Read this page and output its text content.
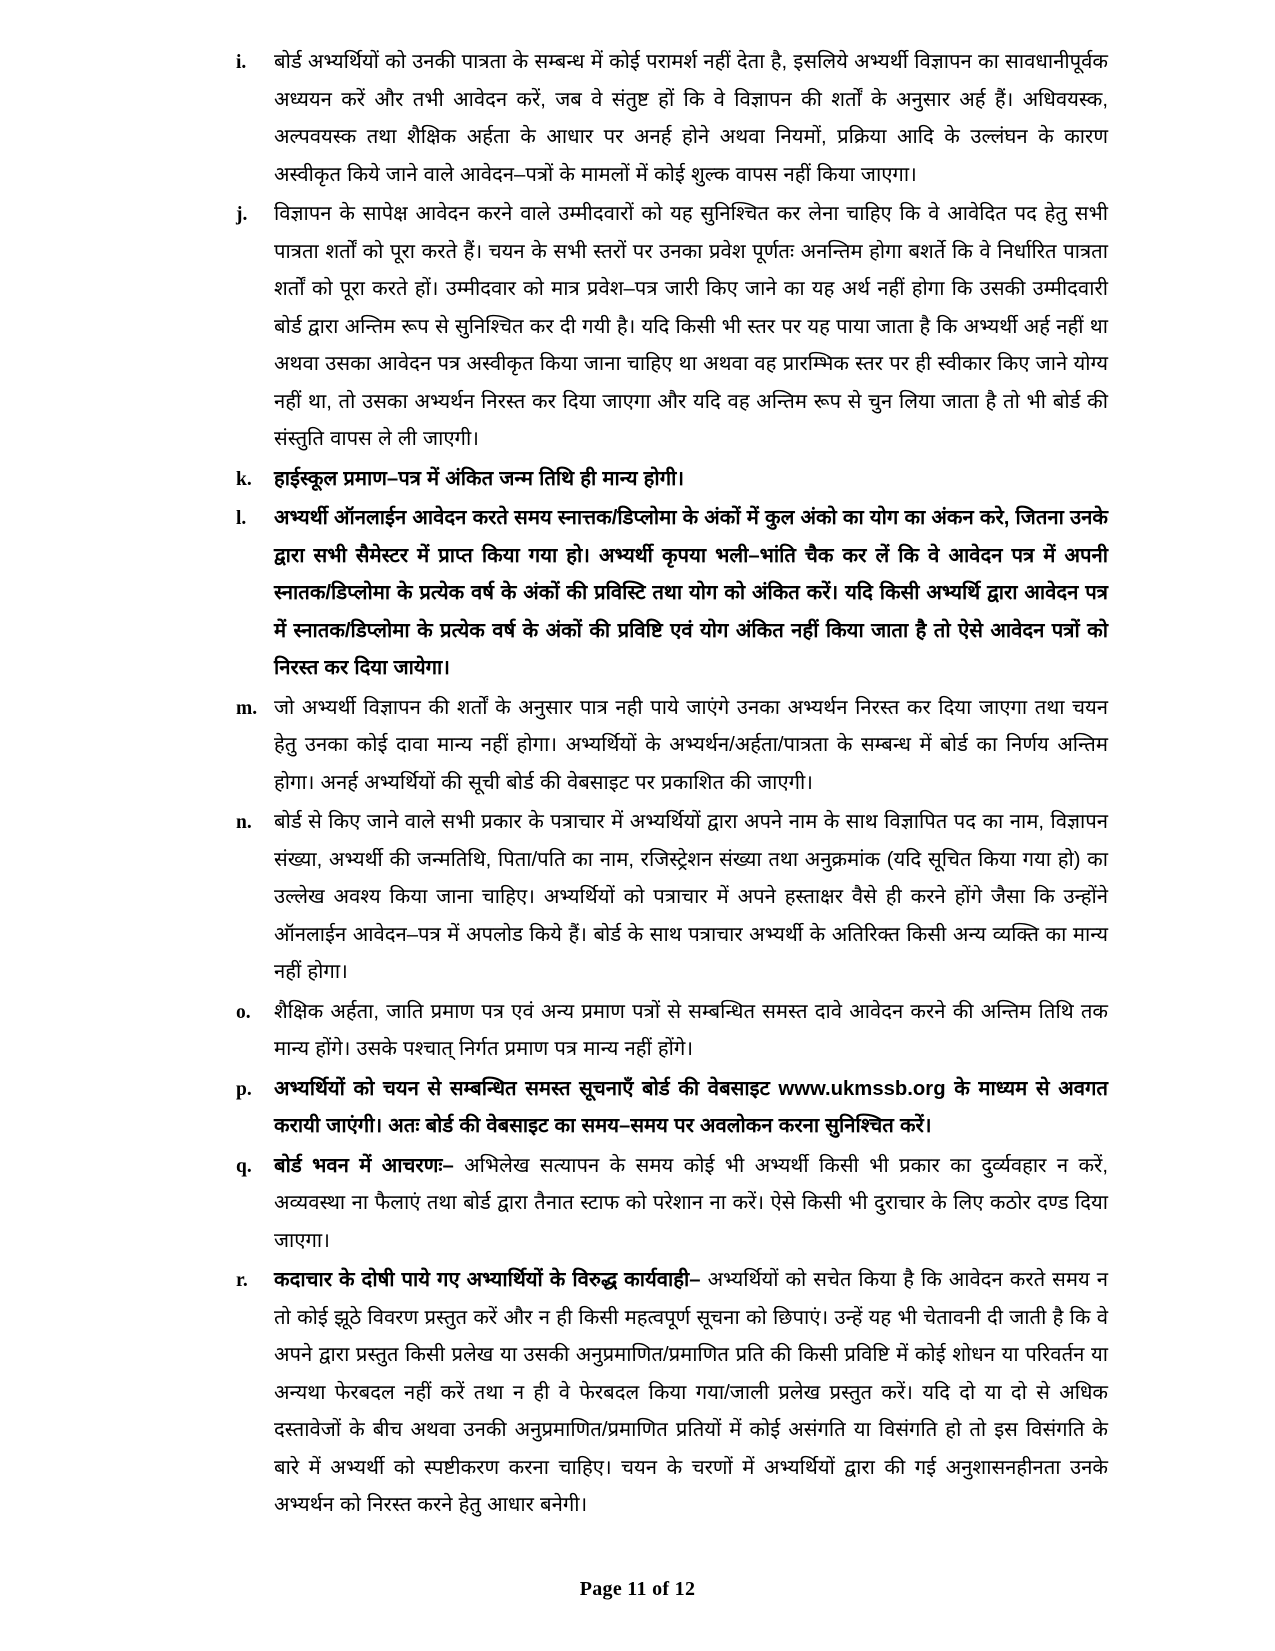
i.	बोर्ड अभ्यर्थियों को उनकी पात्रता के सम्बन्ध में कोई परामर्श नहीं देता है, इसलिये अभ्यर्थी विज्ञापन का सावधानीपूर्वक अध्ययन करें और तभी आवेदन करें, जब वे संतुष्ट हों कि वे विज्ञापन की शर्तों के अनुसार अर्ह हैं। अधिवयस्क, अल्पवयस्क तथा शैक्षिक अर्हता के आधार पर अनर्ह होने अथवा नियमों, प्रक्रिया आदि के उल्लंघन के कारण अस्वीकृत किये जाने वाले आवेदन–पत्रों के मामलों में कोई शुल्क वापस नहीं किया जाएगा।
j.	विज्ञापन के सापेक्ष आवेदन करने वाले उम्मीदवारों को यह सुनिश्चित कर लेना चाहिए कि वे आवेदित पद हेतु सभी पात्रता शर्तों को पूरा करते हैं। चयन के सभी स्तरों पर उनका प्रवेश पूर्णतः अनन्तिम होगा बशर्ते कि वे निर्धारित पात्रता शर्तों को पूरा करते हों। उम्मीदवार को मात्र प्रवेश–पत्र जारी किए जाने का यह अर्थ नहीं होगा कि उसकी उम्मीदवारी बोर्ड द्वारा अन्तिम रूप से सुनिश्चित कर दी गयी है। यदि किसी भी स्तर पर यह पाया जाता है कि अभ्यर्थी अर्ह नहीं था अथवा उसका आवेदन पत्र अस्वीकृत किया जाना चाहिए था अथवा वह प्रारम्भिक स्तर पर ही स्वीकार किए जाने योग्य नहीं था, तो उसका अभ्यर्थन निरस्त कर दिया जाएगा और यदि वह अन्तिम रूप से चुन लिया जाता है तो भी बोर्ड की संस्तुति वापस ले ली जाएगी।
k.	हाईस्कूल प्रमाण–पत्र में अंकित जन्म तिथि ही मान्य होगी।
l.	अभ्यर्थी ऑनलाईन आवेदन करते समय स्नात्तक/डिप्लोमा के अंकों में कुल अंको का योग का अंकन करे, जितना उनके द्वारा सभी सैमेस्टर में प्राप्त किया गया हो। अभ्यर्थी कृपया भली–भांति चैक कर लें कि वे आवेदन पत्र में अपनी स्नातक/डिप्लोमा के प्रत्येक वर्ष के अंकों की प्रविस्टि तथा योग को अंकित करें। यदि किसी अभ्यर्थि द्वारा आवेदन पत्र में स्नातक/डिप्लोमा के प्रत्येक वर्ष के अंकों की प्रविष्टि एवं योग अंकित नहीं किया जाता है तो ऐसे आवेदन पत्रों को निरस्त कर दिया जायेगा।
m. जो अभ्यर्थी विज्ञापन की शर्तों के अनुसार पात्र नही पाये जाएंगे उनका अभ्यर्थन निरस्त कर दिया जाएगा तथा चयन हेतु उनका कोई दावा मान्य नहीं होगा। अभ्यर्थियों के अभ्यर्थन/अर्हता/पात्रता के सम्बन्ध में बोर्ड का निर्णय अन्तिम होगा। अनर्ह अभ्यर्थियों की सूची बोर्ड की वेबसाइट पर प्रकाशित की जाएगी।
n.	बोर्ड से किए जाने वाले सभी प्रकार के पत्राचार में अभ्यर्थियों द्वारा अपने नाम के साथ विज्ञापित पद का नाम, विज्ञापन संख्या, अभ्यर्थी की जन्मतिथि, पिता/पति का नाम, रजिस्ट्रेशन संख्या तथा अनुक्रमांक (यदि सूचित किया गया हो) का उल्लेख अवश्य किया जाना चाहिए। अभ्यर्थियों को पत्राचार में अपने हस्ताक्षर वैसे ही करने होंगे जैसा कि उन्होंने ऑनलाईन आवेदन–पत्र में अपलोड किये हैं। बोर्ड के साथ पत्राचार अभ्यर्थी के अतिरिक्त किसी अन्य व्यक्ति का मान्य नहीं होगा।
o.	शैक्षिक अर्हता, जाति प्रमाण पत्र एवं अन्य प्रमाण पत्रों से सम्बन्धित समस्त दावे आवेदन करने की अन्तिम तिथि तक मान्य होंगे। उसके पश्चात् निर्गत प्रमाण पत्र मान्य नहीं होंगे।
p.	अभ्यर्थियों को चयन से सम्बन्धित समस्त सूचनाएँ बोर्ड की वेबसाइट www.ukmssb.org के माध्यम से अवगत करायी जाएंगी। अतः बोर्ड की वेबसाइट का समय–समय पर अवलोकन करना सुनिश्चित करें।
q.	बोर्ड भवन में आचरणः– अभिलेख सत्यापन के समय कोई भी अभ्यर्थी किसी भी प्रकार का दुर्व्यवहार न करें, अव्यवस्था ना फैलाएं तथा बोर्ड द्वारा तैनात स्टाफ को परेशान ना करें। ऐसे किसी भी दुराचार के लिए कठोर दण्ड दिया जाएगा।
r.	कदाचार के दोषी पाये गए अभ्यार्थियों के विरुद्ध कार्यवाही– अभ्यर्थियों को सचेत किया है कि आवेदन करते समय न तो कोई झूठे विवरण प्रस्तुत करें और न ही किसी महत्वपूर्ण सूचना को छिपाएं। उन्हें यह भी चेतावनी दी जाती है कि वे अपने द्वारा प्रस्तुत किसी प्रलेख या उसकी अनुप्रमाणित/प्रमाणित प्रति की किसी प्रविष्टि में कोई शोधन या परिवर्तन या अन्यथा फेरबदल नहीं करें तथा न ही वे फेरबदल किया गया/जाली प्रलेख प्रस्तुत करें। यदि दो या दो से अधिक दस्तावेजों के बीच अथवा उनकी अनुप्रमाणित/प्रमाणित प्रतियों में कोई असंगति या विसंगति हो तो इस विसंगति के बारे में अभ्यर्थी को स्पष्टीकरण करना चाहिए। चयन के चरणों में अभ्यर्थियों द्वारा की गई अनुशासनहीनता उनके अभ्यर्थन को निरस्त करने हेतु आधार बनेगी।
Page 11 of 12
